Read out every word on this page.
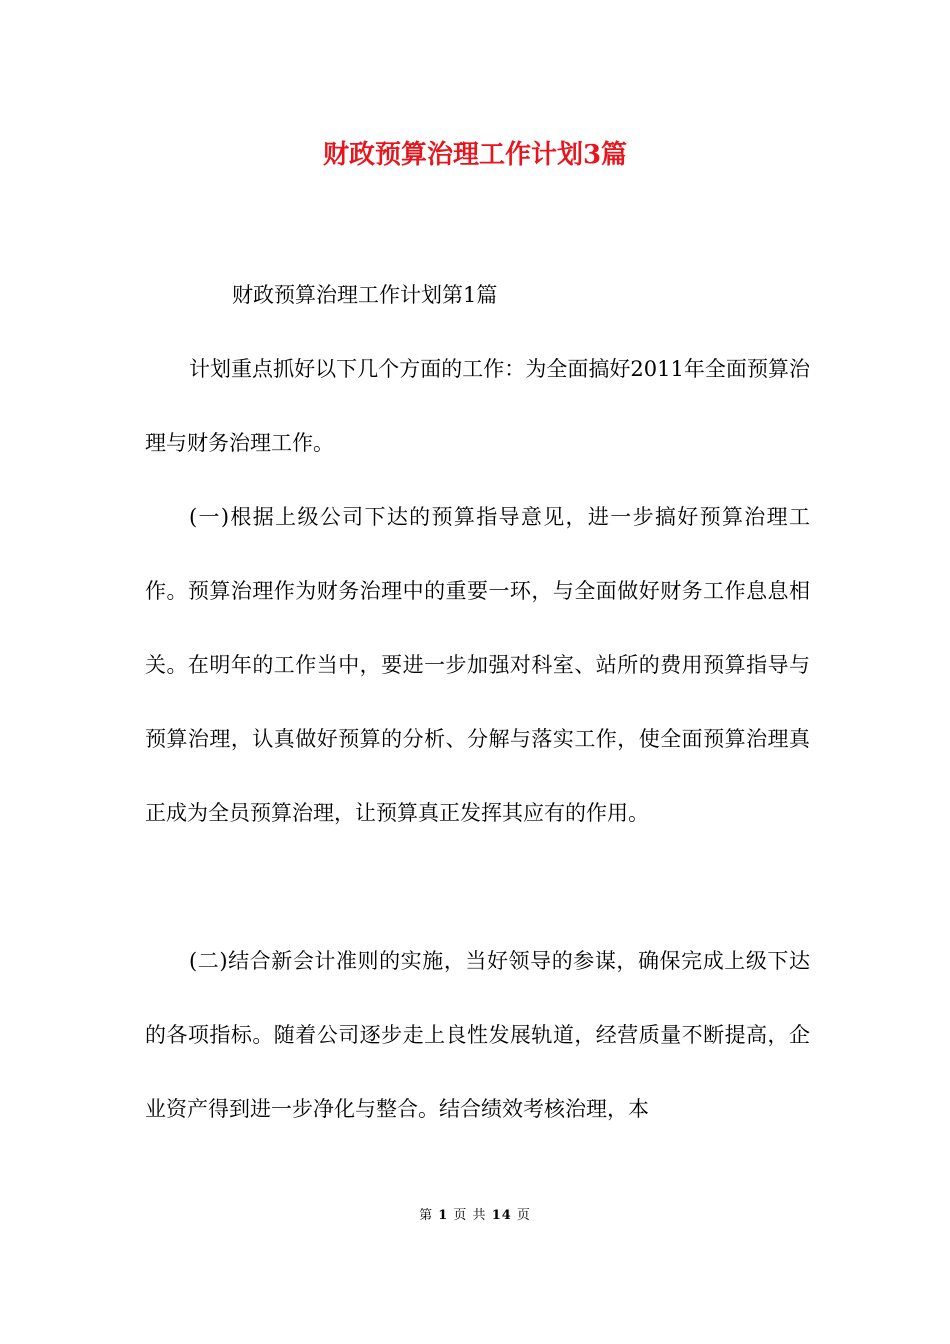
财政预算治理工作计划3篇
财政预算治理工作计划第1篇

计划重点抓好以下几个方面的工作：为全面搞好2011年全面预算治理与财务治理工作。

(一)根据上级公司下达的预算指导意见，进一步搞好预算治理工作。预算治理作为财务治理中的重要一环，与全面做好财务工作息息相关。在明年的工作当中，要进一步加强对科室、站所的费用预算指导与预算治理，认真做好预算的分析、分解与落实工作，使全面预算治理真正成为全员预算治理，让预算真正发挥其应有的作用。

(二)结合新会计准则的实施，当好领导的参谋，确保完成上级下达的各项指标。随着公司逐步走上良性发展轨道，经营质量不断提高，企业资产得到进一步净化与整合。结合绩效考核治理，本

第 1 页 共 14 页
